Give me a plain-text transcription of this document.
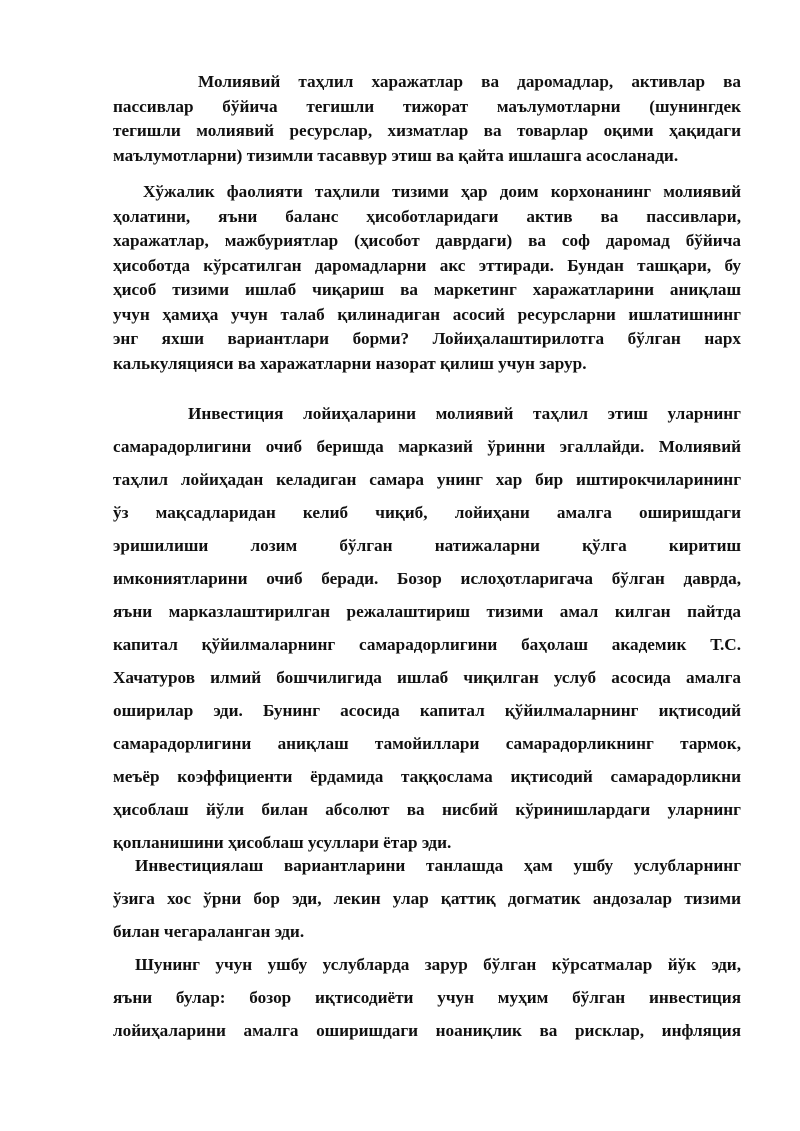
Молиявий таҳлил харажатлар ва даромадлар, активлар ва
пассивлар бўйича тегишли тижорат маълумотларни (шунингдек
тегишли молиявий ресурслар, хизматлар ва товарлар оқими ҳақидаги
маълумотларни) тизимли тасаввур этиш ва қайта ишлашга асосланади.
Хўжалик фаолияти таҳлили тизими ҳар доим корхонанинг молиявий
ҳолатини, яъни баланс ҳисоботларидаги актив ва пассивлари,
харажатлар, мажбуриятлар (ҳисобот даврдаги) ва соф даромад бўйича
ҳисоботда кўрсатилган даромадларни акс эттиради. Бундан ташқари, бу
ҳисоб тизими ишлаб чиқариш ва маркетинг харажатларини аниқлаш
учун ҳамиҳа учун талаб қилинадиган асосий ресурсларни ишлатишнинг
энг яхши вариантлари борми? Лойиҳалаштирилотга бўлган нарх
калькуляцияси ва харажатларни назорат қилиш учун зарур.
Инвестиция лойиҳаларини молиявий таҳлил этиш уларнинг
самарадорлигини очиб беришда марказий ўринни эгаллайди. Молиявий
таҳлил лойиҳадан келадиган самара унинг хар бир иштирокчиларининг
ўз мақсадларидан келиб чиқиб, лойиҳани амалга оширишдаги
эришилиши лозим бўлган натижаларни қўлга киритиш
имкониятларини очиб беради. Бозор ислоҳотларигача бўлган даврда,
яъни марказлаштирилган режалаштириш тизими амал килган пайтда
капитал қўйилмаларнинг самарадорлигини баҳолаш академик Т.С.
Хачатуров илмий бошчилигида ишлаб чиқилган услуб асосида амалга
оширилар эди. Бунинг асосида капитал қўйилмаларнинг иқтисодий
самарадорлигини аниқлаш тамойиллари самарадорликнинг тармок,
меъёр коэффициенти ёрдамида таққослама иқтисодий самарадорликни
ҳисоблаш йўли билан абсолют ва нисбий кўринишлардаги уларнинг
қопланишини ҳисоблаш усуллари ётар эди.
Инвестициялаш вариантларини танлашда ҳам ушбу услубларнинг
ўзига хос ўрни бор эди, лекин улар қаттиқ догматик андозалар тизими
билан чегараланган эди.
Шунинг учун ушбу услубларда зарур бўлган кўрсатмалар йўк эди,
яъни булар: бозор иқтисодиёти учун муҳим бўлган инвестиция
лойиҳаларини амалга оширишдаги ноаниқлик ва рисклар, инфляция
